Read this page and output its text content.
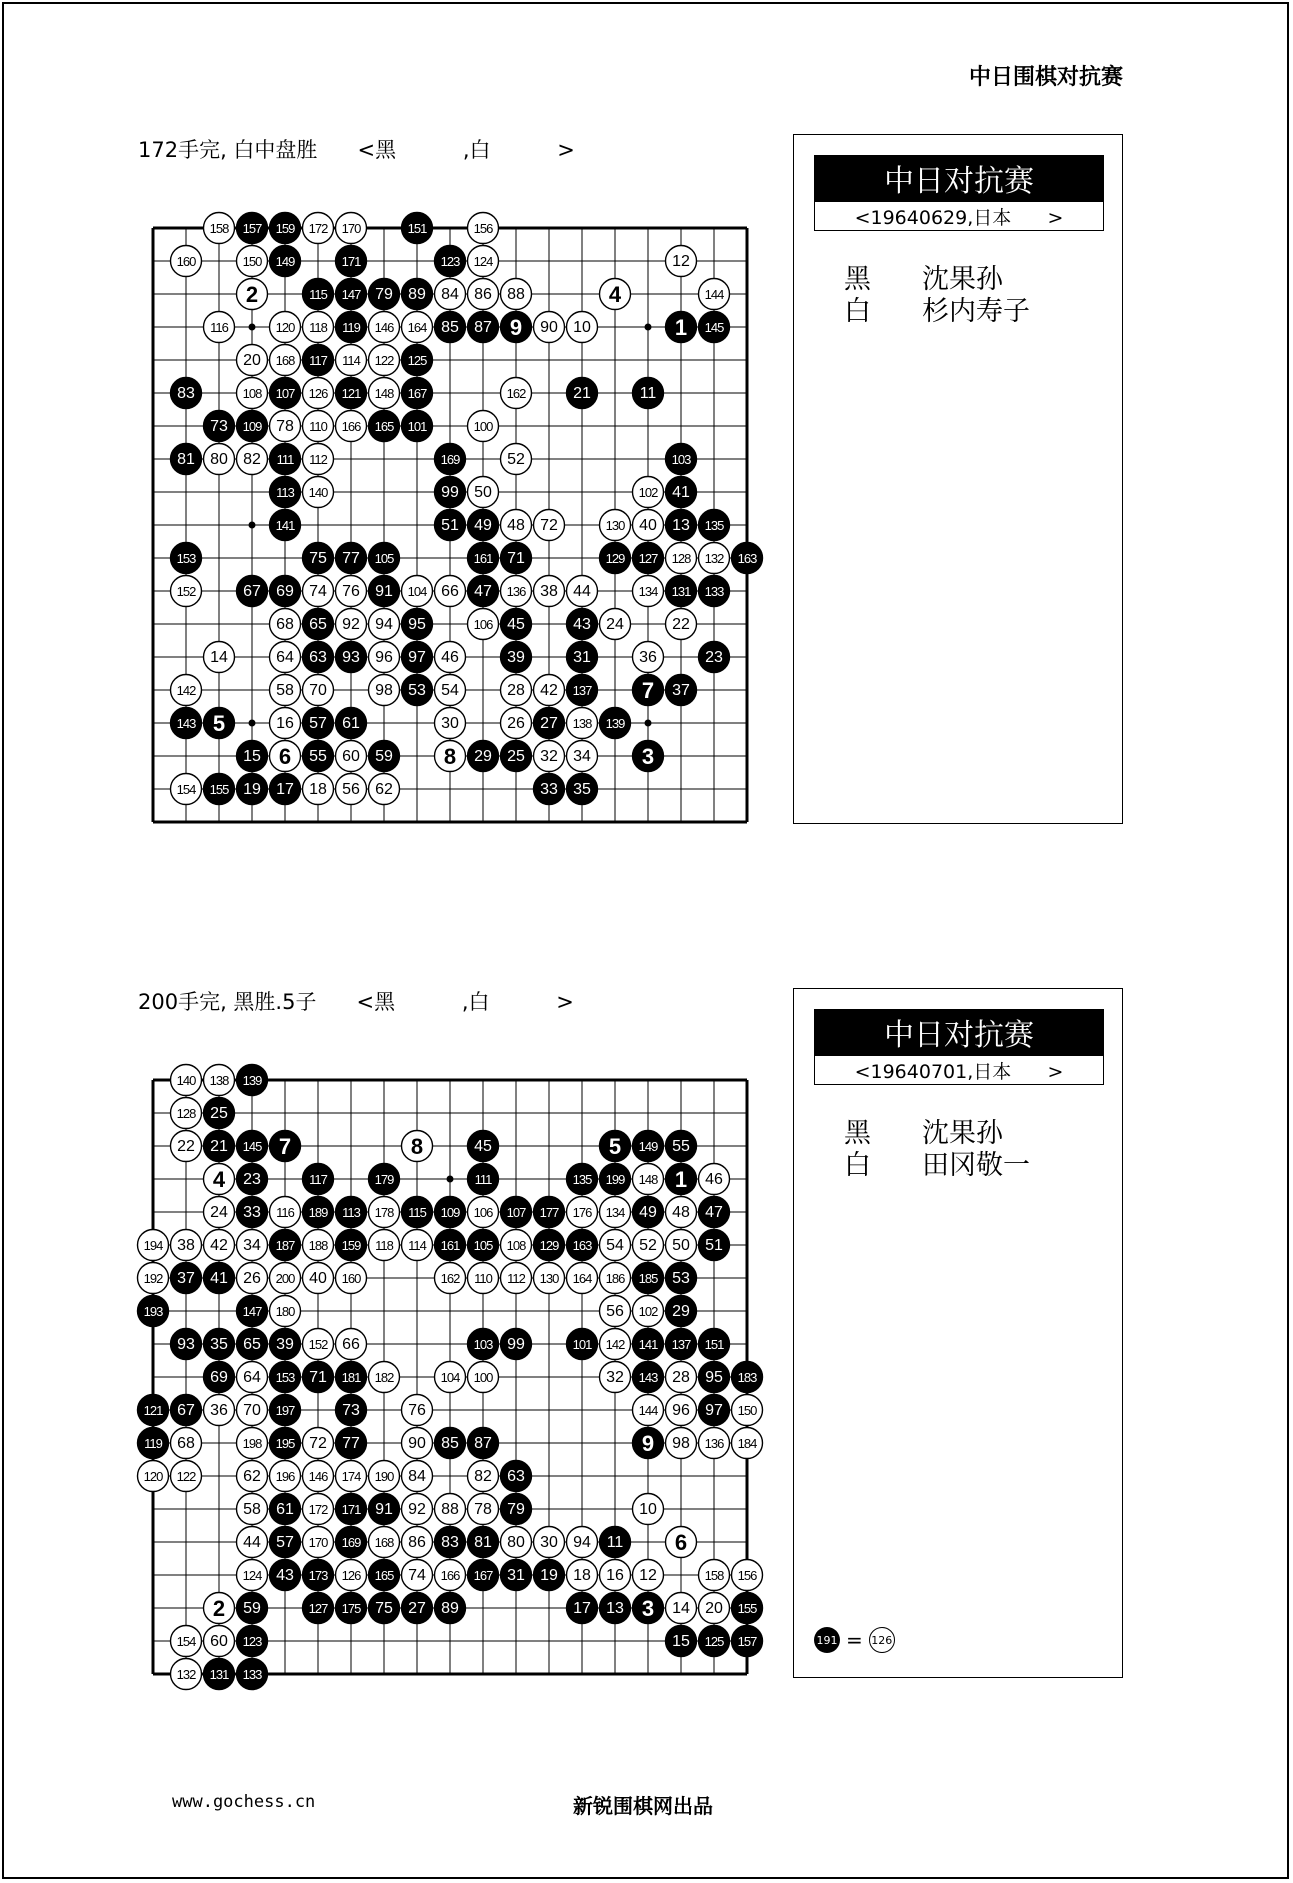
中日围棋对抗赛
172手完, 白中盘胜      <黑          ,白          >
158 157 159 172 170	151	156
160	150 149	171	123 124	12
2	115 147 79 89 84 86 88	4	144
116	120 118 119 146 164 85 87 9 90 10	1 145
20 168 117 114 122 125
83	108 107 126 121 148 167	162	21	11
73 109 78 110 166 165 101	100
81 80 82 111 112	169	52	103
113 140	99 50	102 41
141	51 49 48 72	130 40 13 135
153	75 77 105	161 71	129 127 128 132 163
152	67 69 74 76 91 104 66 47 136 38 44	134 131 133
68 65 92 94 95	106 45	43 24	22
14	64 63 93 96 97 46	39	31	36	23
142	58 70	98 53 54	28 42 137 7 37
143 5	16 57 61	30	26 27 138 139
15 6 55 60 59 8 29 25 32 34 3
154 155 19 17 18 56 62	33 35
中日对抗赛
<19640629,日本      >
黑	沈果孙
白	杉内寿子
200手完, 黑胜.5子      <黑          ,白          >
140 138 139
128 25
22 21 145 7	8	45	5 149 55
4 23	117	179	111	135 199 148 1 46
24 33 116 189 113 178 115 109 106 107 177 176 134 49 48 47
194 38 42 34 187 188 159 118 114 161 105 108 129 163 54 52 50 51
192 37 41 26 200 40 160	162 110 112 130 164 186 185 53
193	147 180	56 102 29
93 35 65 39 152 66	103 99	101 142 141 137 151
69 64 153 71 181 182	104 100	32 143 28 95 183
121 67 36 70 197	73	76	144 96 97 150
119 68	198 195 72 77	90 85 87	9 98 136 184
120 122	62 196 146 174 190 84	82 63
58 61 172 171 91 92 88 78 79	10
44 57 170 169 168 86 83 81 80 30 94 11 6
124 43 173 126 165 74 166 167 31 19 18 16 12	158 156
2 59	127 175 75 27 89	17 13 3 14 20 155
154 60 123	15 125 157
132 131 133
中日对抗赛
<19640701,日本      >
黑	沈果孙
白	田冈敬一
191 = 126
www.gochess.cn	新锐围棋网出品
